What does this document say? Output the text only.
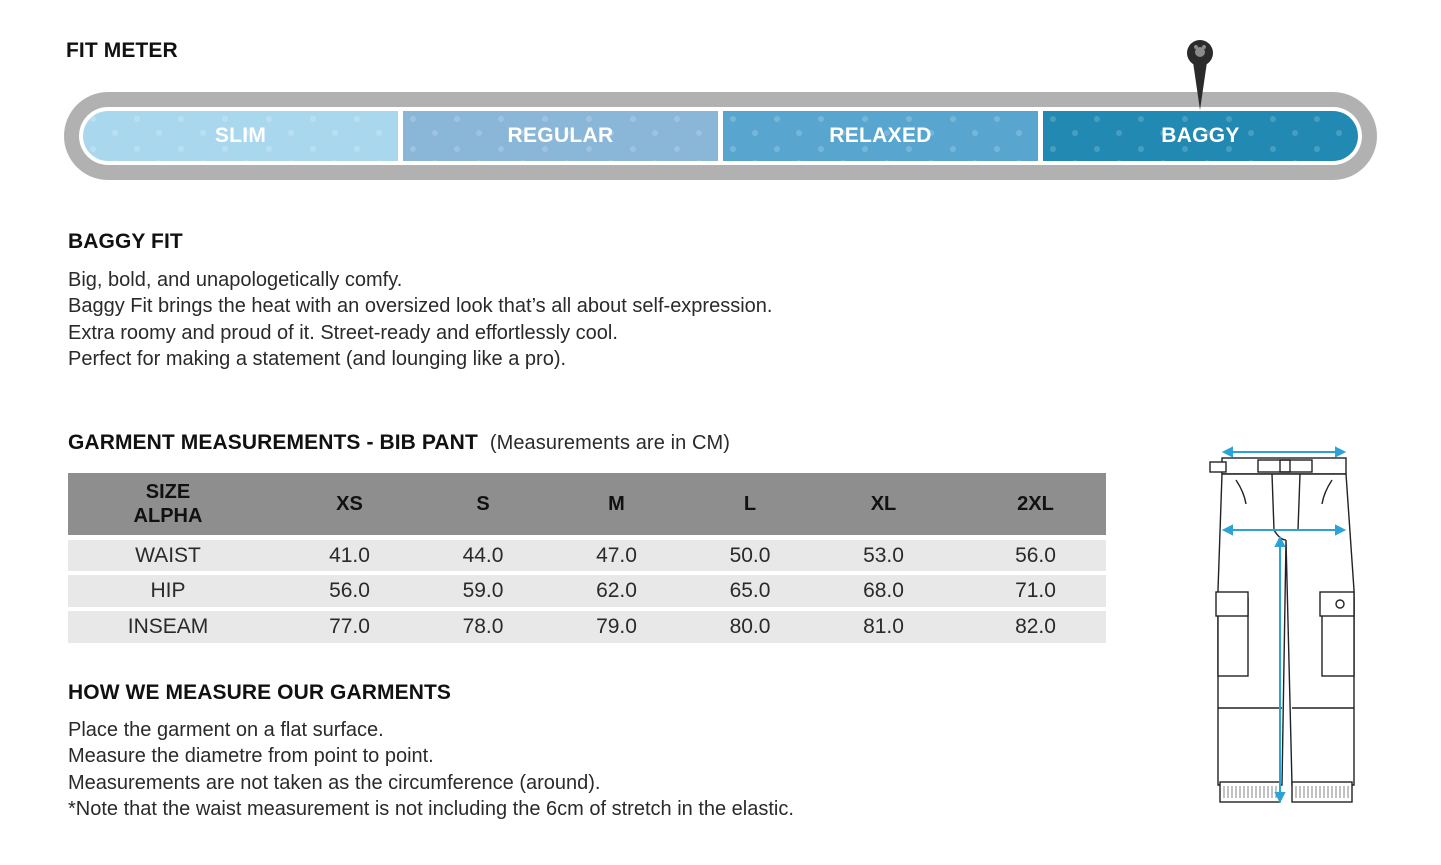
FIT METER
SLIM	REGULAR	RELAXED	BAGGY
BAGGY FIT

Big, bold, and unapologetically comfy.

Baggy Fit brings the heat with an oversized look that’s all about self-expression.

Extra roomy and proud of it. Street-ready and effortlessly cool.

Perfect for making a statement (and lounging like a pro).

GARMENT MEASUREMENTS - BIB PANT (Measurements are in CM)
SIZE
ALPHA	XS	S	M	L	XL	2XL
WAIST	41.0	44.0	47.0	50.0	53.0	56.0
HIP	56.0	59.0	62.0	65.0	68.0	71.0
INSEAM	77.0	78.0	79.0	80.0	81.0	82.0
HOW WE MEASURE OUR GARMENTS

Place the garment on a flat surface.

Measure the diametre from point to point.

Measurements are not taken as the circumference (around).

*Note that the waist measurement is not including the 6cm of stretch in the elastic.
